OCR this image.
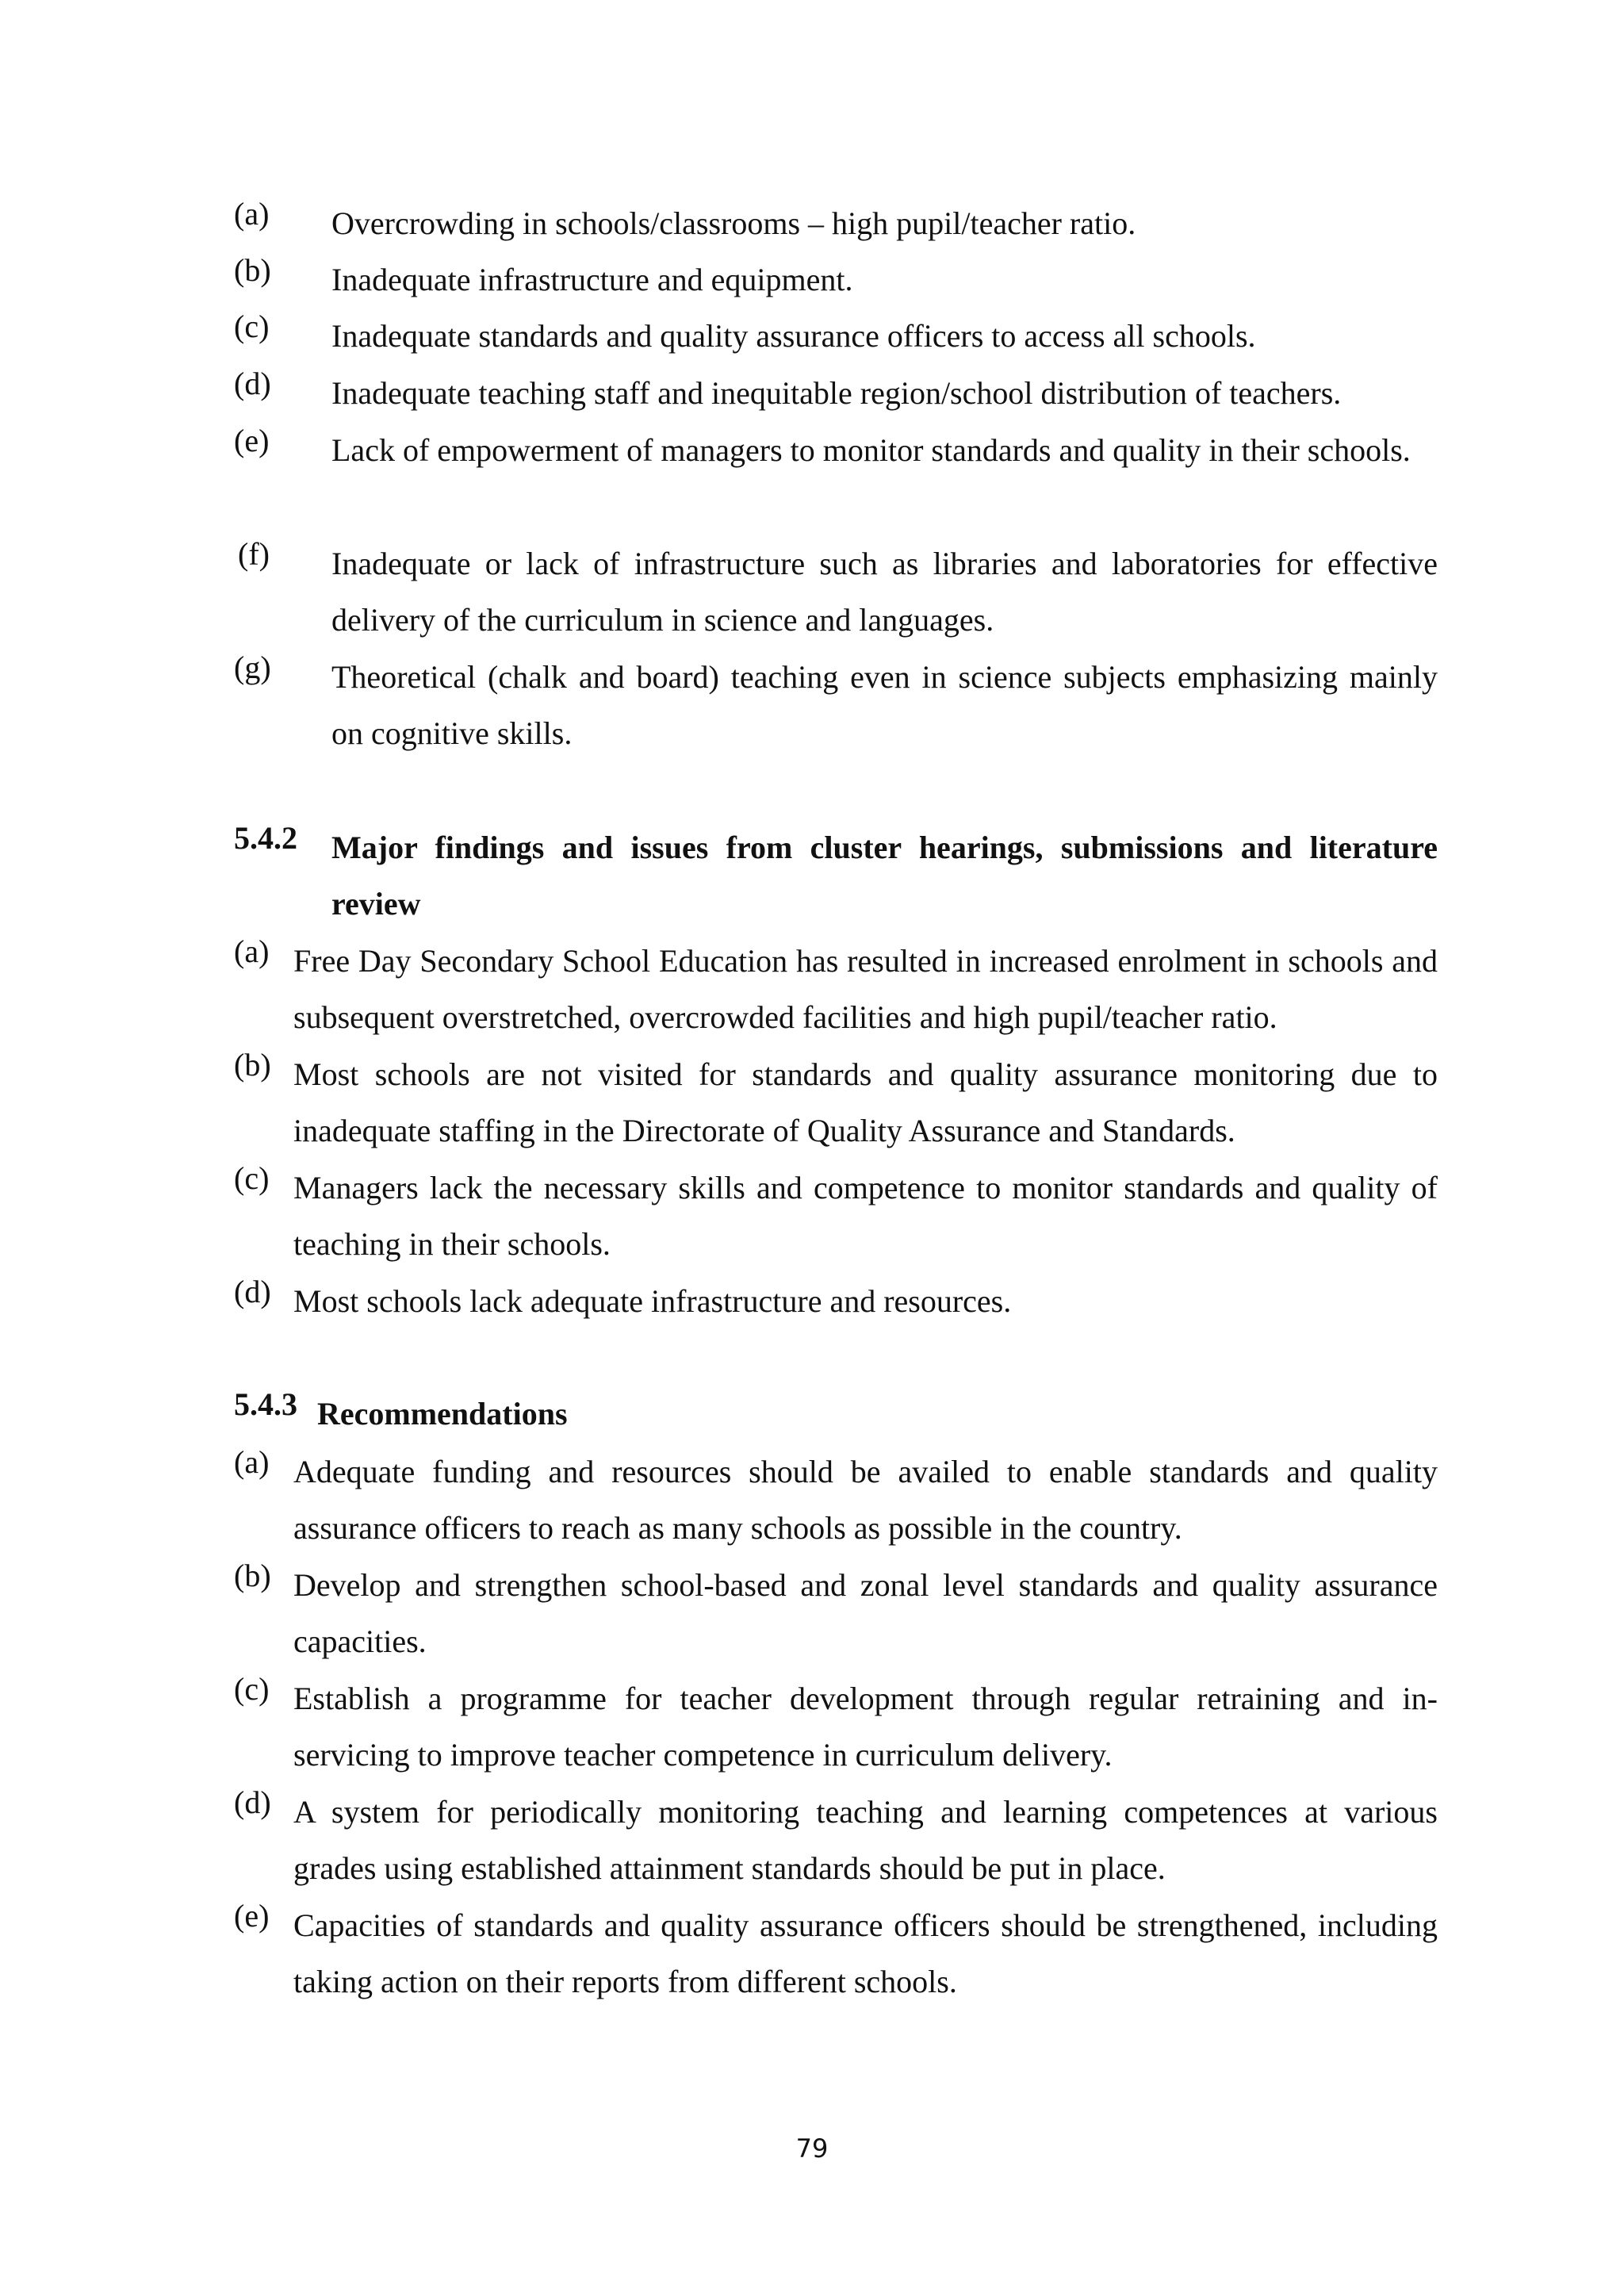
(a) Overcrowding in schools/classrooms – high pupil/teacher ratio.

(b) Inadequate infrastructure and equipment.

(c) Inadequate standards and quality assurance officers to access all schools.

(d) Inadequate teaching staff and inequitable region/school distribution of teachers.

(e) Lack of empowerment of managers to monitor standards and quality in their schools.

(f) Inadequate or lack of infrastructure such as libraries and laboratories for effective delivery of the curriculum in science and languages.

(g) Theoretical (chalk and board) teaching even in science subjects emphasizing mainly on cognitive skills.

5.4.2 Major findings and issues from cluster hearings, submissions and literature review

(a) Free Day Secondary School Education has resulted in increased enrolment in schools and subsequent overstretched, overcrowded facilities and high pupil/teacher ratio.

(b) Most schools are not visited for standards and quality assurance monitoring due to inadequate staffing in the Directorate of Quality Assurance and Standards.

(c) Managers lack the necessary skills and competence to monitor standards and quality of teaching in their schools.

(d) Most schools lack adequate infrastructure and resources.

5.4.3 Recommendations

(a) Adequate funding and resources should be availed to enable standards and quality assurance officers to reach as many schools as possible in the country.

(b) Develop and strengthen school-based and zonal level standards and quality assurance capacities.

(c) Establish a programme for teacher development through regular retraining and in-servicing to improve teacher competence in curriculum delivery.

(d) A system for periodically monitoring teaching and learning competences at various grades using established attainment standards should be put in place.

(e) Capacities of standards and quality assurance officers should be strengthened, including taking action on their reports from different schools.

79
